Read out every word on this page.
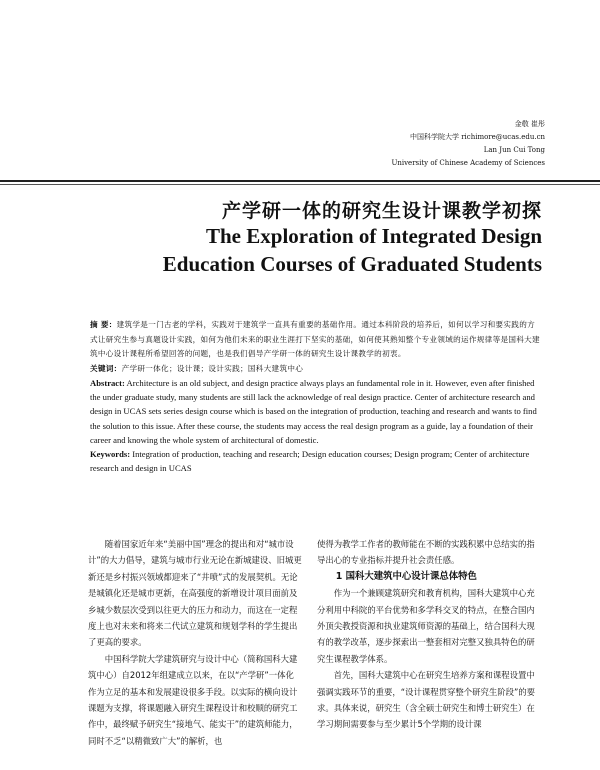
金敬 崔彤
中国科学院大学 richimore@ucas.edu.cn
Lan Jun Cui Tong
University of Chinese Academy of Sciences
产学研一体的研究生设计课教学初探
The Exploration of Integrated Design
Education Courses of Graduated Students

摘 要：建筑学是一门古老的学科，实践对于建筑学一直具有重要的基础作用。通过本科阶段的培养后，如何以学习和要实践的方式让研究生参与真题设计实践，如何为他们未来的职业生涯打下坚实的基础，如何使其熟知整个专业领域的运作规律等是国科大建筑中心设计课程所希望回答的问题，也是我们倡导产学研一体的研究生设计课教学的初衷。

关键词：产学研一体化；设计课；设计实践；国科大建筑中心

Abstract: Architecture is an old subject, and design practice always plays an fundamental role in it. However, even after finished the under graduate study, many students are still lack the acknowledge of real design practice. Center of architecture research and design in UCAS sets series design course which is based on the integration of production, teaching and research and wants to find the solution to this issue. After these course, the students may access the real design program as a guide, lay a foundation of their career and knowing the whole system of architectural of domestic.

Keywords: Integration of production, teaching and research; Design education courses; Design program; Center of architecture research and design in UCAS

随着国家近年来“美丽中国”理念的提出和对“城市设计”的大力倡导，建筑与城市行业无论在新城建设、旧城更新还是乡村振兴领域都迎来了“井喷”式的发展契机。无论是城镇化还是城市更新，在高强度的新增设计项目面前及乡城少数层次受到以往更大的压力和动力，而这在一定程度上也对未来和将来二代试立建筑和规划学科的学生提出了更高的要求。

中国科学院大学建筑研究与设计中心（简称国科大建筑中心）自2012年组建成立以来，在以“产学研”一体化作为立足的基本和发展建设很多手段。以实际的横向设计课题为支撑，将课题融入研究生课程设计和校顺的研究工作中，最终赋予研究生“接地气、能实干”的建筑师能力，同时不乏“以精微致广大”的解析，也

使得为教学工作者的教师能在不断的实践积累中总结实的指导出心的专业指标并提升社会责任感。

1 国科大建筑中心设计课总体特色

作为一个兼顾建筑研究和教育机构，国科大建筑中心充分利用中科院的平台优势和多学科交叉的特点，在整合国内外顶尖教授资源和执业建筑师资源的基础上，结合国科大现有的教学改革，逐步探索出一整套相对完整又独具特色的研究生课程教学体系。

首先，国科大建筑中心在研究生培养方案和课程设置中强调实践环节的重要，“设计课程贯穿整个研究生阶段”的要求。具体来说，研究生（含全硕士研究生和博士研究生）在学习期间需要参与至少累计5个学期的设计课
